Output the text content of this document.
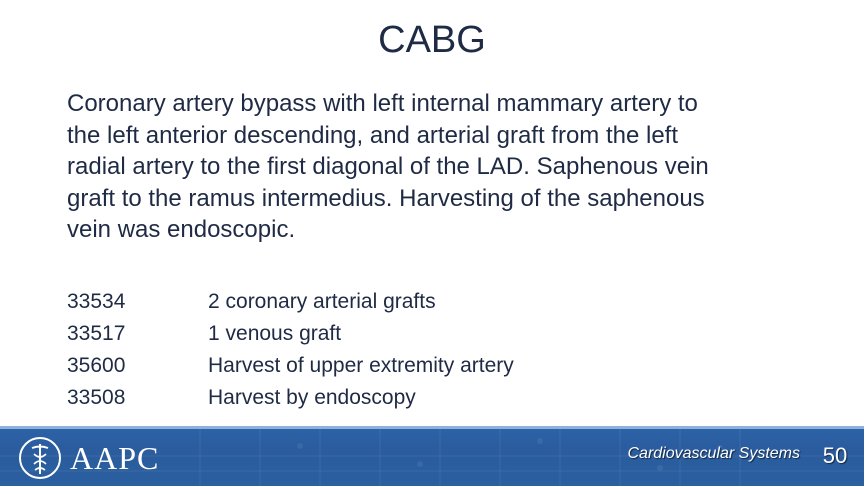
CABG
Coronary artery bypass with left internal mammary artery to
the left anterior descending, and arterial graft from the left
radial artery to the first diagonal of the LAD. Saphenous vein
graft to the ramus intermedius. Harvesting of the saphenous
vein was endoscopic.
33534	2 coronary arterial grafts
33517	1 venous graft
35600	Harvest of upper extremity artery
33508	Harvest by endoscopy
AAPC	Cardiovascular Systems	50
